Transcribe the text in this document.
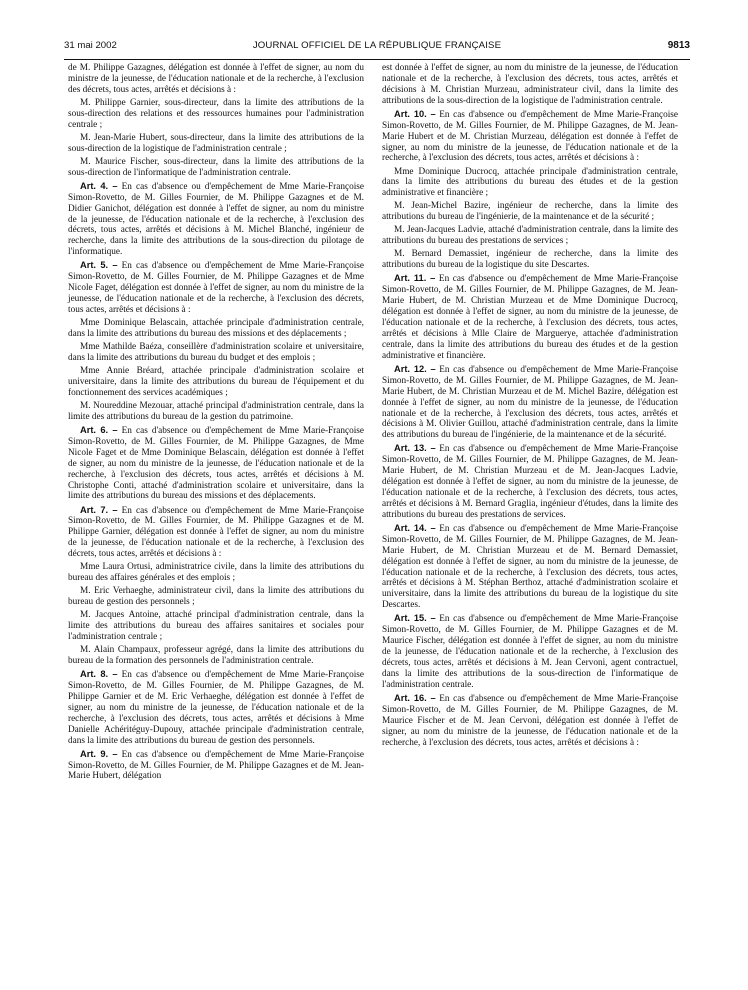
31 mai 2002	JOURNAL OFFICIEL DE LA RÉPUBLIQUE FRANÇAISE	9813

de M. Philippe Gazagnes, délégation est donnée à l'effet de signer, au nom du ministre de la jeunesse, de l'éducation nationale et de la recherche, à l'exclusion des décrets, tous actes, arrêtés et décisions à :

M. Philippe Garnier, sous-directeur, dans la limite des attributions de la sous-direction des relations et des ressources humaines pour l'administration centrale ;

M. Jean-Marie Hubert, sous-directeur, dans la limite des attributions de la sous-direction de la logistique de l'administration centrale ;

M. Maurice Fischer, sous-directeur, dans la limite des attributions de la sous-direction de l'informatique de l'administration centrale.

Art. 4. – En cas d'absence ou d'empêchement de Mme Marie-Françoise Simon-Rovetto, de M. Gilles Fournier, de M. Philippe Gazagnes et de M. Didier Ganichot, délégation est donnée à l'effet de signer, au nom du ministre de la jeunesse, de l'éducation nationale et de la recherche, à l'exclusion des décrets, tous actes, arrêtés et décisions à M. Michel Blanché, ingénieur de recherche, dans la limite des attributions de la sous-direction du pilotage de l'informatique.

Art. 5. – En cas d'absence ou d'empêchement de Mme Marie-Françoise Simon-Rovetto, de M. Gilles Fournier, de M. Philippe Gazagnes et de Mme Nicole Faget, délégation est donnée à l'effet de signer, au nom du ministre de la jeunesse, de l'éducation nationale et de la recherche, à l'exclusion des décrets, tous actes, arrêtés et décisions à :

Mme Dominique Belascain, attachée principale d'administration centrale, dans la limite des attributions du bureau des missions et des déplacements ;

Mme Mathilde Baéza, conseillère d'administration scolaire et universitaire, dans la limite des attributions du bureau du budget et des emplois ;

Mme Annie Bréard, attachée principale d'administration scolaire et universitaire, dans la limite des attributions du bureau de l'équipement et du fonctionnement des services académiques ;

M. Noureddine Mezouar, attaché principal d'administration centrale, dans la limite des attributions du bureau de la gestion du patrimoine.

Art. 6. – En cas d'absence ou d'empêchement de Mme Marie-Françoise Simon-Rovetto, de M. Gilles Fournier, de M. Philippe Gazagnes, de Mme Nicole Faget et de Mme Dominique Belascain, délégation est donnée à l'effet de signer, au nom du ministre de la jeunesse, de l'éducation nationale et de la recherche, à l'exclusion des décrets, tous actes, arrêtés et décisions à M. Christophe Conti, attaché d'administration scolaire et universitaire, dans la limite des attributions du bureau des missions et des déplacements.

Art. 7. – En cas d'absence ou d'empêchement de Mme Marie-Françoise Simon-Rovetto, de M. Gilles Fournier, de M. Philippe Gazagnes et de M. Philippe Garnier, délégation est donnée à l'effet de signer, au nom du ministre de la jeunesse, de l'éducation nationale et de la recherche, à l'exclusion des décrets, tous actes, arrêtés et décisions à :

Mme Laura Ortusi, administratrice civile, dans la limite des attributions du bureau des affaires générales et des emplois ;

M. Eric Verhaeghe, administrateur civil, dans la limite des attributions du bureau de gestion des personnels ;

M. Jacques Antoine, attaché principal d'administration centrale, dans la limite des attributions du bureau des affaires sanitaires et sociales pour l'administration centrale ;

M. Alain Champaux, professeur agrégé, dans la limite des attributions du bureau de la formation des personnels de l'administration centrale.

Art. 8. – En cas d'absence ou d'empêchement de Mme Marie-Françoise Simon-Rovetto, de M. Gilles Fournier, de M. Philippe Gazagnes, de M. Philippe Garnier et de M. Eric Verhaeghe, délégation est donnée à l'effet de signer, au nom du ministre de la jeunesse, de l'éducation nationale et de la recherche, à l'exclusion des décrets, tous actes, arrêtés et décisions à Mme Danielle Achéritéguy-Dupouy, attachée principale d'administration centrale, dans la limite des attributions du bureau de gestion des personnels.

Art. 9. – En cas d'absence ou d'empêchement de Mme Marie-Françoise Simon-Rovetto, de M. Gilles Fournier, de M. Philippe Gazagnes et de M. Jean-Marie Hubert, délégation

est donnée à l'effet de signer, au nom du ministre de la jeunesse, de l'éducation nationale et de la recherche, à l'exclusion des décrets, tous actes, arrêtés et décisions à M. Christian Murzeau, administrateur civil, dans la limite des attributions de la sous-direction de la logistique de l'administration centrale.

Art. 10. – En cas d'absence ou d'empêchement de Mme Marie-Françoise Simon-Rovetto, de M. Gilles Fournier, de M. Philippe Gazagnes, de M. Jean-Marie Hubert et de M. Christian Murzeau, délégation est donnée à l'effet de signer, au nom du ministre de la jeunesse, de l'éducation nationale et de la recherche, à l'exclusion des décrets, tous actes, arrêtés et décisions à :

Mme Dominique Ducrocq, attachée principale d'administration centrale, dans la limite des attributions du bureau des études et de la gestion administrative et financière ;

M. Jean-Michel Bazire, ingénieur de recherche, dans la limite des attributions du bureau de l'ingénierie, de la maintenance et de la sécurité ;

M. Jean-Jacques Ladvie, attaché d'administration centrale, dans la limite des attributions du bureau des prestations de services ;

M. Bernard Demassiet, ingénieur de recherche, dans la limite des attributions du bureau de la logistique du site Descartes.

Art. 11. – En cas d'absence ou d'empêchement de Mme Marie-Françoise Simon-Rovetto, de M. Gilles Fournier, de M. Philippe Gazagnes, de M. Jean-Marie Hubert, de M. Christian Murzeau et de Mme Dominique Ducrocq, délégation est donnée à l'effet de signer, au nom du ministre de la jeunesse, de l'éducation nationale et de la recherche, à l'exclusion des décrets, tous actes, arrêtés et décisions à Mlle Claire de Marguerye, attachée d'administration centrale, dans la limite des attributions du bureau des études et de la gestion administrative et financière.

Art. 12. – En cas d'absence ou d'empêchement de Mme Marie-Françoise Simon-Rovetto, de M. Gilles Fournier, de M. Philippe Gazagnes, de M. Jean-Marie Hubert, de M. Christian Murzeau et de M. Michel Bazire, délégation est donnée à l'effet de signer, au nom du ministre de la jeunesse, de l'éducation nationale et de la recherche, à l'exclusion des décrets, tous actes, arrêtés et décisions à M. Olivier Guillou, attaché d'administration centrale, dans la limite des attributions du bureau de l'ingénierie, de la maintenance et de la sécurité.

Art. 13. – En cas d'absence ou d'empêchement de Mme Marie-Françoise Simon-Rovetto, de M. Gilles Fournier, de M. Philippe Gazagnes, de M. Jean-Marie Hubert, de M. Christian Murzeau et de M. Jean-Jacques Ladvie, délégation est donnée à l'effet de signer, au nom du ministre de la jeunesse, de l'éducation nationale et de la recherche, à l'exclusion des décrets, tous actes, arrêtés et décisions à M. Bernard Graglia, ingénieur d'études, dans la limite des attributions du bureau des prestations de services.

Art. 14. – En cas d'absence ou d'empêchement de Mme Marie-Françoise Simon-Rovetto, de M. Gilles Fournier, de M. Philippe Gazagnes, de M. Jean-Marie Hubert, de M. Christian Murzeau et de M. Bernard Demassiet, délégation est donnée à l'effet de signer, au nom du ministre de la jeunesse, de l'éducation nationale et de la recherche, à l'exclusion des décrets, tous actes, arrêtés et décisions à M. Stéphan Berthoz, attaché d'administration scolaire et universitaire, dans la limite des attributions du bureau de la logistique du site Descartes.

Art. 15. – En cas d'absence ou d'empêchement de Mme Marie-Françoise Simon-Rovetto, de M. Gilles Fournier, de M. Philippe Gazagnes et de M. Maurice Fischer, délégation est donnée à l'effet de signer, au nom du ministre de la jeunesse, de l'éducation nationale et de la recherche, à l'exclusion des décrets, tous actes, arrêtés et décisions à M. Jean Cervoni, agent contractuel, dans la limite des attributions de la sous-direction de l'informatique de l'administration centrale.

Art. 16. – En cas d'absence ou d'empêchement de Mme Marie-Françoise Simon-Rovetto, de M. Gilles Fournier, de M. Philippe Gazagnes, de M. Maurice Fischer et de M. Jean Cervoni, délégation est donnée à l'effet de signer, au nom du ministre de la jeunesse, de l'éducation nationale et de la recherche, à l'exclusion des décrets, tous actes, arrêtés et décisions à :
